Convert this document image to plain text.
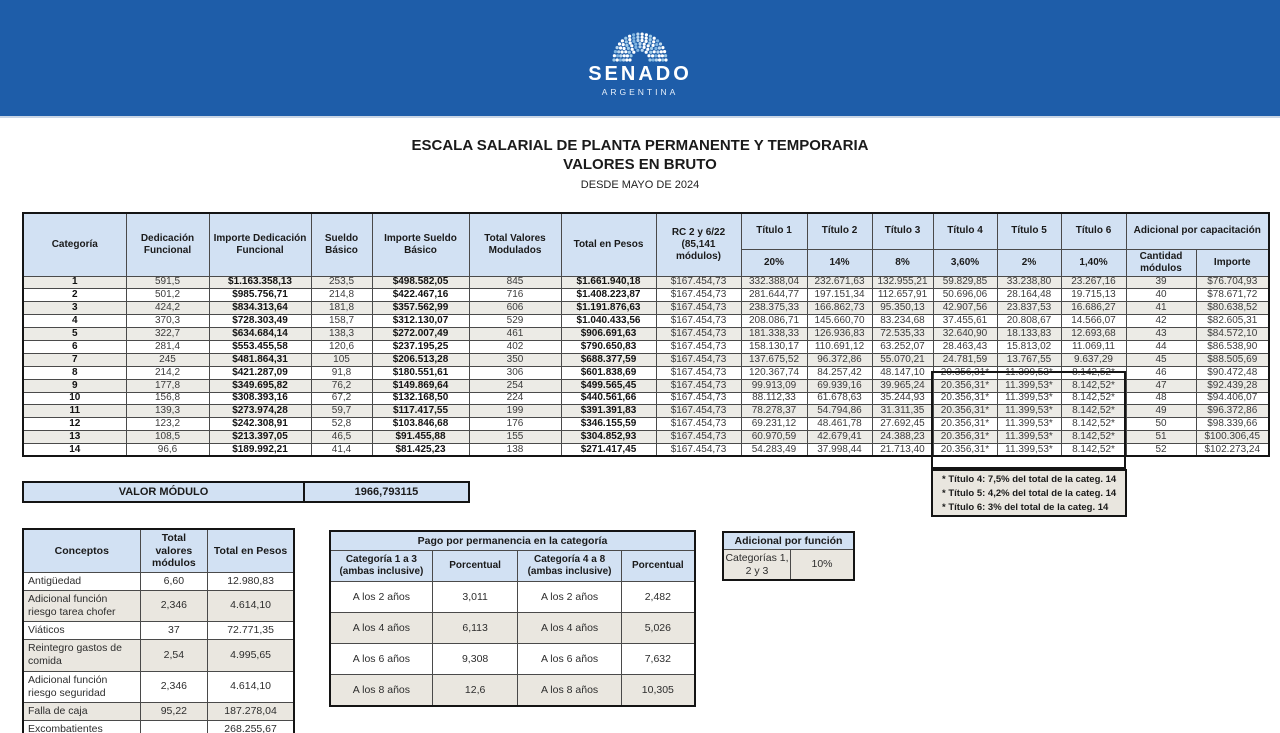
SENADO
ARGENTINA
ESCALA SALARIAL DE PLANTA PERMANENTE Y TEMPORARIA
VALORES EN BRUTO
DESDE MAYO DE 2024
Categoría	Dedicación Funcional	Importe Dedicación Funcional	Sueldo Básico	Importe Sueldo Básico	Total Valores Modulados	Total en Pesos	RC 2 y 6/22 (85,141 módulos)	Título 1	Título 2	Título 3	Título 4	Título 5	Título 6	Adicional por capacitación	
								20%	14%	8%	3,60%	2%	1,40%	Cantidad módulos	Importe
1	591,5	$1.163.358,13	253,5	$498.582,05	845	$1.661.940,18	$167.454,73	332.388,04	232.671,63	132.955,21	59.829,85	33.238,80	23.267,16	39	$76.704,93
2	501,2	$985.756,71	214,8	$422.467,16	716	$1.408.223,87	$167.454,73	281.644,77	197.151,34	112.657,91	50.696,06	28.164,48	19.715,13	40	$78.671,72
3	424,2	$834.313,64	181,8	$357.562,99	606	$1.191.876,63	$167.454,73	238.375,33	166.862,73	95.350,13	42.907,56	23.837,53	16.686,27	41	$80.638,52
4	370,3	$728.303,49	158,7	$312.130,07	529	$1.040.433,56	$167.454,73	208.086,71	145.660,70	83.234,68	37.455,61	20.808,67	14.566,07	42	$82.605,31
5	322,7	$634.684,14	138,3	$272.007,49	461	$906.691,63	$167.454,73	181.338,33	126.936,83	72.535,33	32.640,90	18.133,83	12.693,68	43	$84.572,10
6	281,4	$553.455,58	120,6	$237.195,25	402	$790.650,83	$167.454,73	158.130,17	110.691,12	63.252,07	28.463,43	15.813,02	11.069,11	44	$86.538,90
7	245	$481.864,31	105	$206.513,28	350	$688.377,59	$167.454,73	137.675,52	96.372,86	55.070,21	24.781,59	13.767,55	9.637,29	45	$88.505,69
8	214,2	$421.287,09	91,8	$180.551,61	306	$601.838,69	$167.454,73	120.367,74	84.257,42	48.147,10	20.356,31*	11.399,53*	8.142,52*	46	$90.472,48
9	177,8	$349.695,82	76,2	$149.869,64	254	$499.565,45	$167.454,73	99.913,09	69.939,16	39.965,24	20.356,31*	11.399,53*	8.142,52*	47	$92.439,28
10	156,8	$308.393,16	67,2	$132.168,50	224	$440.561,66	$167.454,73	88.112,33	61.678,63	35.244,93	20.356,31*	11.399,53*	8.142,52*	48	$94.406,07
11	139,3	$273.974,28	59,7	$117.417,55	199	$391.391,83	$167.454,73	78.278,37	54.794,86	31.311,35	20.356,31*	11.399,53*	8.142,52*	49	$96.372,86
12	123,2	$242.308,91	52,8	$103.846,68	176	$346.155,59	$167.454,73	69.231,12	48.461,78	27.692,45	20.356,31*	11.399,53*	8.142,52*	50	$98.339,66
13	108,5	$213.397,05	46,5	$91.455,88	155	$304.852,93	$167.454,73	60.970,59	42.679,41	24.388,23	20.356,31*	11.399,53*	8.142,52*	51	$100.306,45
14	96,6	$189.992,21	41,4	$81.425,23	138	$271.417,45	$167.454,73	54.283,49	37.998,44	21.713,40	20.356,31*	11.399,53*	8.142,52*	52	$102.273,24
VALOR MÓDULO	1966,793115
* Título 4: 7,5% del total de la categ. 14
* Título 5: 4,2% del total de la categ. 14
* Título 6: 3% del total de la categ. 14
Conceptos	Total valores módulos	Total en Pesos
Antigüedad	6,60	12.980,83
Adicional función riesgo tarea chofer	2,346	4.614,10
Viáticos	37	72.771,35
Reintegro gastos de comida	2,54	4.995,65
Adicional función riesgo seguridad	2,346	4.614,10
Falla de caja	95,22	187.278,04
Excombatientes		268.255,67
Pago por permanencia en la categoría			
Categoría 1 a 3 (ambas inclusive)	Porcentual	Categoría 4 a 8 (ambas inclusive)	Porcentual
A los 2 años	3,011	A los 2 años	2,482
A los 4 años	6,113	A los 4 años	5,026
A los 6 años	9,308	A los 6 años	7,632
A los 8 años	12,6	A los 8 años	10,305
Adicional por función
Categorías 1, 2 y 3	10%
